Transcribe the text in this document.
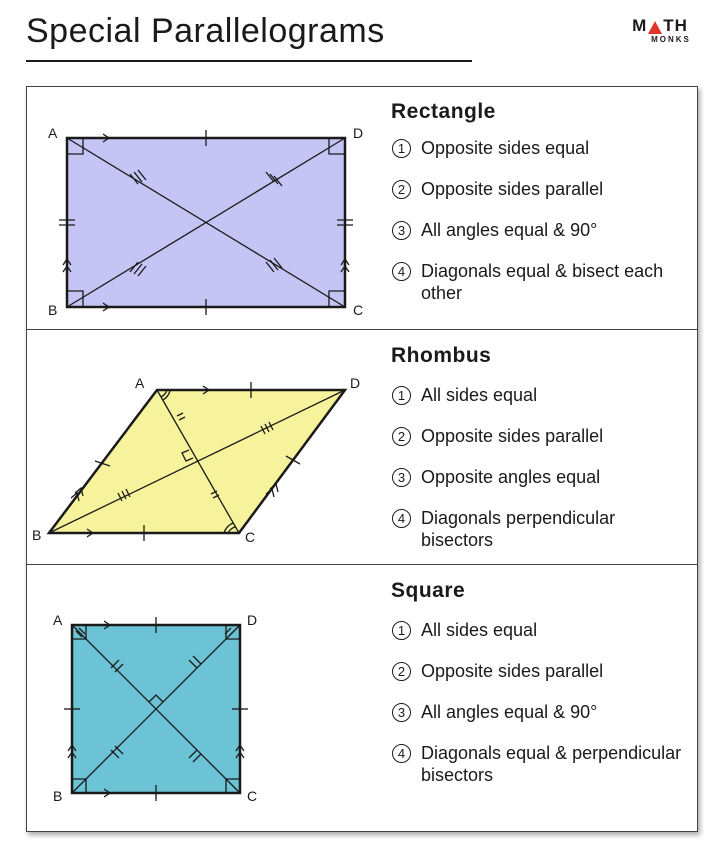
Special Parallelograms	M TH
MONKS
A
B	C
D
Rectangle
1 Opposite sides equal
2 Opposite sides parallel
3 All angles equal & 90°
4 Diagonals equal & bisect each other
A
B	C
D
Rhombus
1 All sides equal
2 Opposite sides parallel
3 Opposite angles equal
4 Diagonals perpendicular bisectors
A
B	C
D
Square
1 All sides equal
2 Opposite sides parallel
3 All angles equal & 90°
4 Diagonals equal & perpendicular bisectors
